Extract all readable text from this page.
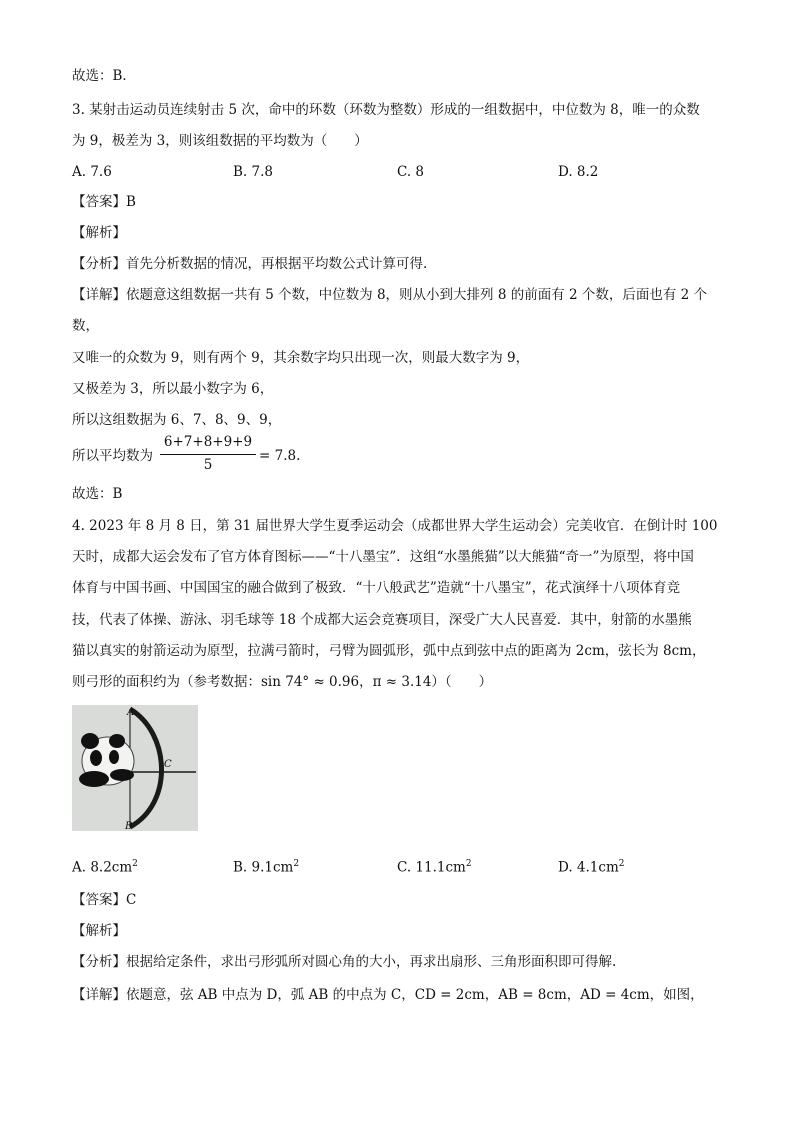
故选：B．
3. 某射击运动员连续射击 5 次，命中的环数（环数为整数）形成的一组数据中，中位数为 8，唯一的众数
为 9，极差为 3，则该组数据的平均数为（　　）
A. 7.6	B. 7.8	C. 8	D. 8.2
【答案】B
【解析】
【分析】首先分析数据的情况，再根据平均数公式计算可得.
【详解】依题意这组数据一共有 5 个数，中位数为 8，则从小到大排列 8 的前面有 2 个数，后面也有 2 个
数，
又唯一的众数为 9，则有两个 9，其余数字均只出现一次，则最大数字为 9，
又极差为 3，所以最小数字为 6，
所以这组数据为 6、7、8、9、9，
所以平均数为
6+7+8+9+9
5
= 7.8.
故选：B
4. 2023 年 8 月 8 日，第 31 届世界大学生夏季运动会（成都世界大学生运动会）完美收官．在倒计时 100
天时，成都大运会发布了官方体育图标——“十八墨宝”．这组“水墨熊猫”以大熊猫“奇一”为原型，将中国
体育与中国书画、中国国宝的融合做到了极致．“十八般武艺”造就“十八墨宝”，花式演绎十八项体育竞
技，代表了体操、游泳、羽毛球等 18 个成都大运会竞赛项目，深受广大人民喜爱．其中，射箭的水墨熊
猫以真实的射箭运动为原型，拉满弓箭时，弓臂为圆弧形，弧中点到弦中点的距离为 2cm，弦长为 8cm，
则弓形的面积约为（参考数据：sin 74° ≈ 0.96，π ≈ 3.14）（　　）
A
B
C
A. $8.2cm^2$	B. $9.1cm^2$	C. $11.1cm^2$	D. $4.1cm^2$
【答案】C
【解析】
【分析】根据给定条件，求出弓形弧所对圆心角的大小，再求出扇形、三角形面积即可得解.
【详解】依题意，弦 AB 中点为 D，弧 AB 的中点为 C，CD = 2cm，AB = 8cm，AD = 4cm，如图，
